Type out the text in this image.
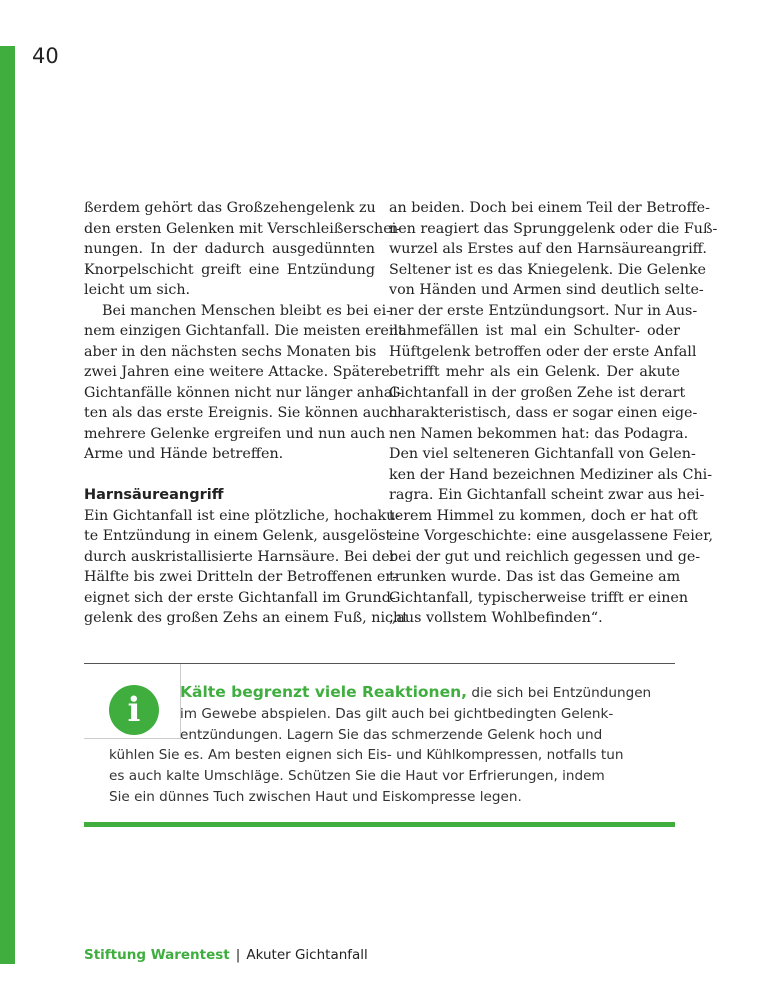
40
ßerdem gehört das Großzehengelenk zu
den ersten Gelenken mit Verschleißerschei-
nungen. In der dadurch ausgedünnten
Knorpelschicht greift eine Entzündung
leicht um sich.
Bei manchen Menschen bleibt es bei ei-
nem einzigen Gichtanfall. Die meisten ereilt
aber in den nächsten sechs Monaten bis
zwei Jahren eine weitere Attacke. Spätere
Gichtanfälle können nicht nur länger anhal-
ten als das erste Ereignis. Sie können auch
mehrere Gelenke ergreifen und nun auch
Arme und Hände betreffen.
Harnsäureangriff
Ein Gichtanfall ist eine plötzliche, hochaku-
te Entzündung in einem Gelenk, ausgelöst
durch auskristallisierte Harnsäure. Bei der
Hälfte bis zwei Dritteln der Betroffenen er-
eignet sich der erste Gichtanfall im Grund-
gelenk des großen Zehs an einem Fuß, nicht
an beiden. Doch bei einem Teil der Betroffe-
nen reagiert das Sprunggelenk oder die Fuß-
wurzel als Erstes auf den Harnsäureangriff.
Seltener ist es das Kniegelenk. Die Gelenke
von Händen und Armen sind deutlich selte-
ner der erste Entzündungsort. Nur in Aus-
nahmefällen ist mal ein Schulter- oder
Hüftgelenk betroffen oder der erste Anfall
betrifft mehr als ein Gelenk. Der akute
Gichtanfall in der großen Zehe ist derart
charakteristisch, dass er sogar einen eige-
nen Namen bekommen hat: das Podagra.
Den viel selteneren Gichtanfall von Gelen-
ken der Hand bezeichnen Mediziner als Chi-
ragra. Ein Gichtanfall scheint zwar aus hei-
terem Himmel zu kommen, doch er hat oft
eine Vorgeschichte: eine ausgelassene Feier,
bei der gut und reichlich gegessen und ge-
trunken wurde. Das ist das Gemeine am
Gichtanfall, typischerweise trifft er einen
„aus vollstem Wohlbefinden“.
i	Kälte begrenzt viele Reaktionen, die sich bei Entzündungen
im Gewebe abspielen. Das gilt auch bei gichtbedingten Gelenk-
entzündungen. Lagern Sie das schmerzende Gelenk hoch und
kühlen Sie es. Am besten eignen sich Eis- und Kühlkompressen, notfalls tun
es auch kalte Umschläge. Schützen Sie die Haut vor Erfrierungen, indem
Sie ein dünnes Tuch zwischen Haut und Eiskompresse legen.
Stiftung Warentest | Akuter Gichtanfall
